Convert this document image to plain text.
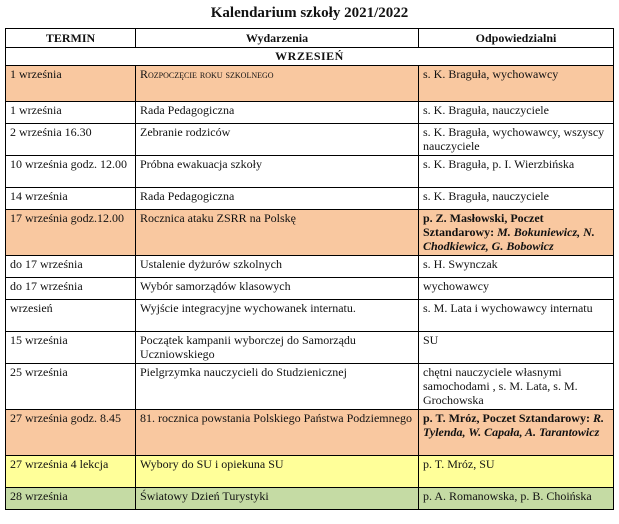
Kalendarium szkoły 2021/2022
TERMIN	Wydarzenia	Odpowiedzialni
WRZESIEŃ		
1 września	Rozpoczęcie roku szkolnego	s. K. Braguła, wychowawcy
1 września	Rada Pedagogiczna	s. K. Braguła, nauczyciele
2 września 16.30	Zebranie rodziców	s. K. Braguła, wychowawcy, wszyscy nauczyciele
10 września godz. 12.00	Próbna ewakuacja szkoły	s. K. Braguła, p. I. Wierzbińska
14 września	Rada Pedagogiczna	s. K. Braguła, nauczyciele
17 września godz.12.00	Rocznica ataku ZSRR na Polskę	p. Z. Masłowski, Poczet Sztandarowy: M. Bokuniewicz, N. Chodkiewicz, G. Bobowicz
do 17 września	Ustalenie dyżurów szkolnych	s. H. Swynczak
do 17 września	Wybór samorządów klasowych	wychowawcy
wrzesień	Wyjście integracyjne wychowanek internatu.	s. M. Lata i wychowawcy internatu
15 września	Początek kampanii wyborczej do Samorządu Uczniowskiego	SU
25 września	Pielgrzymka nauczycieli do Studzienicznej	chętni nauczyciele własnymi samochodami , s. M. Lata, s. M. Grochowska
27 września godz. 8.45	81. rocznica powstania Polskiego Państwa Podziemnego	p. T. Mróz, Poczet Sztandarowy: R. Tylenda, W. Capała, A. Tarantowicz
27 września 4 lekcja	Wybory do SU i opiekuna SU	p. T. Mróz, SU
28 września	Światowy Dzień Turystyki	p. A. Romanowska, p. B. Choińska
